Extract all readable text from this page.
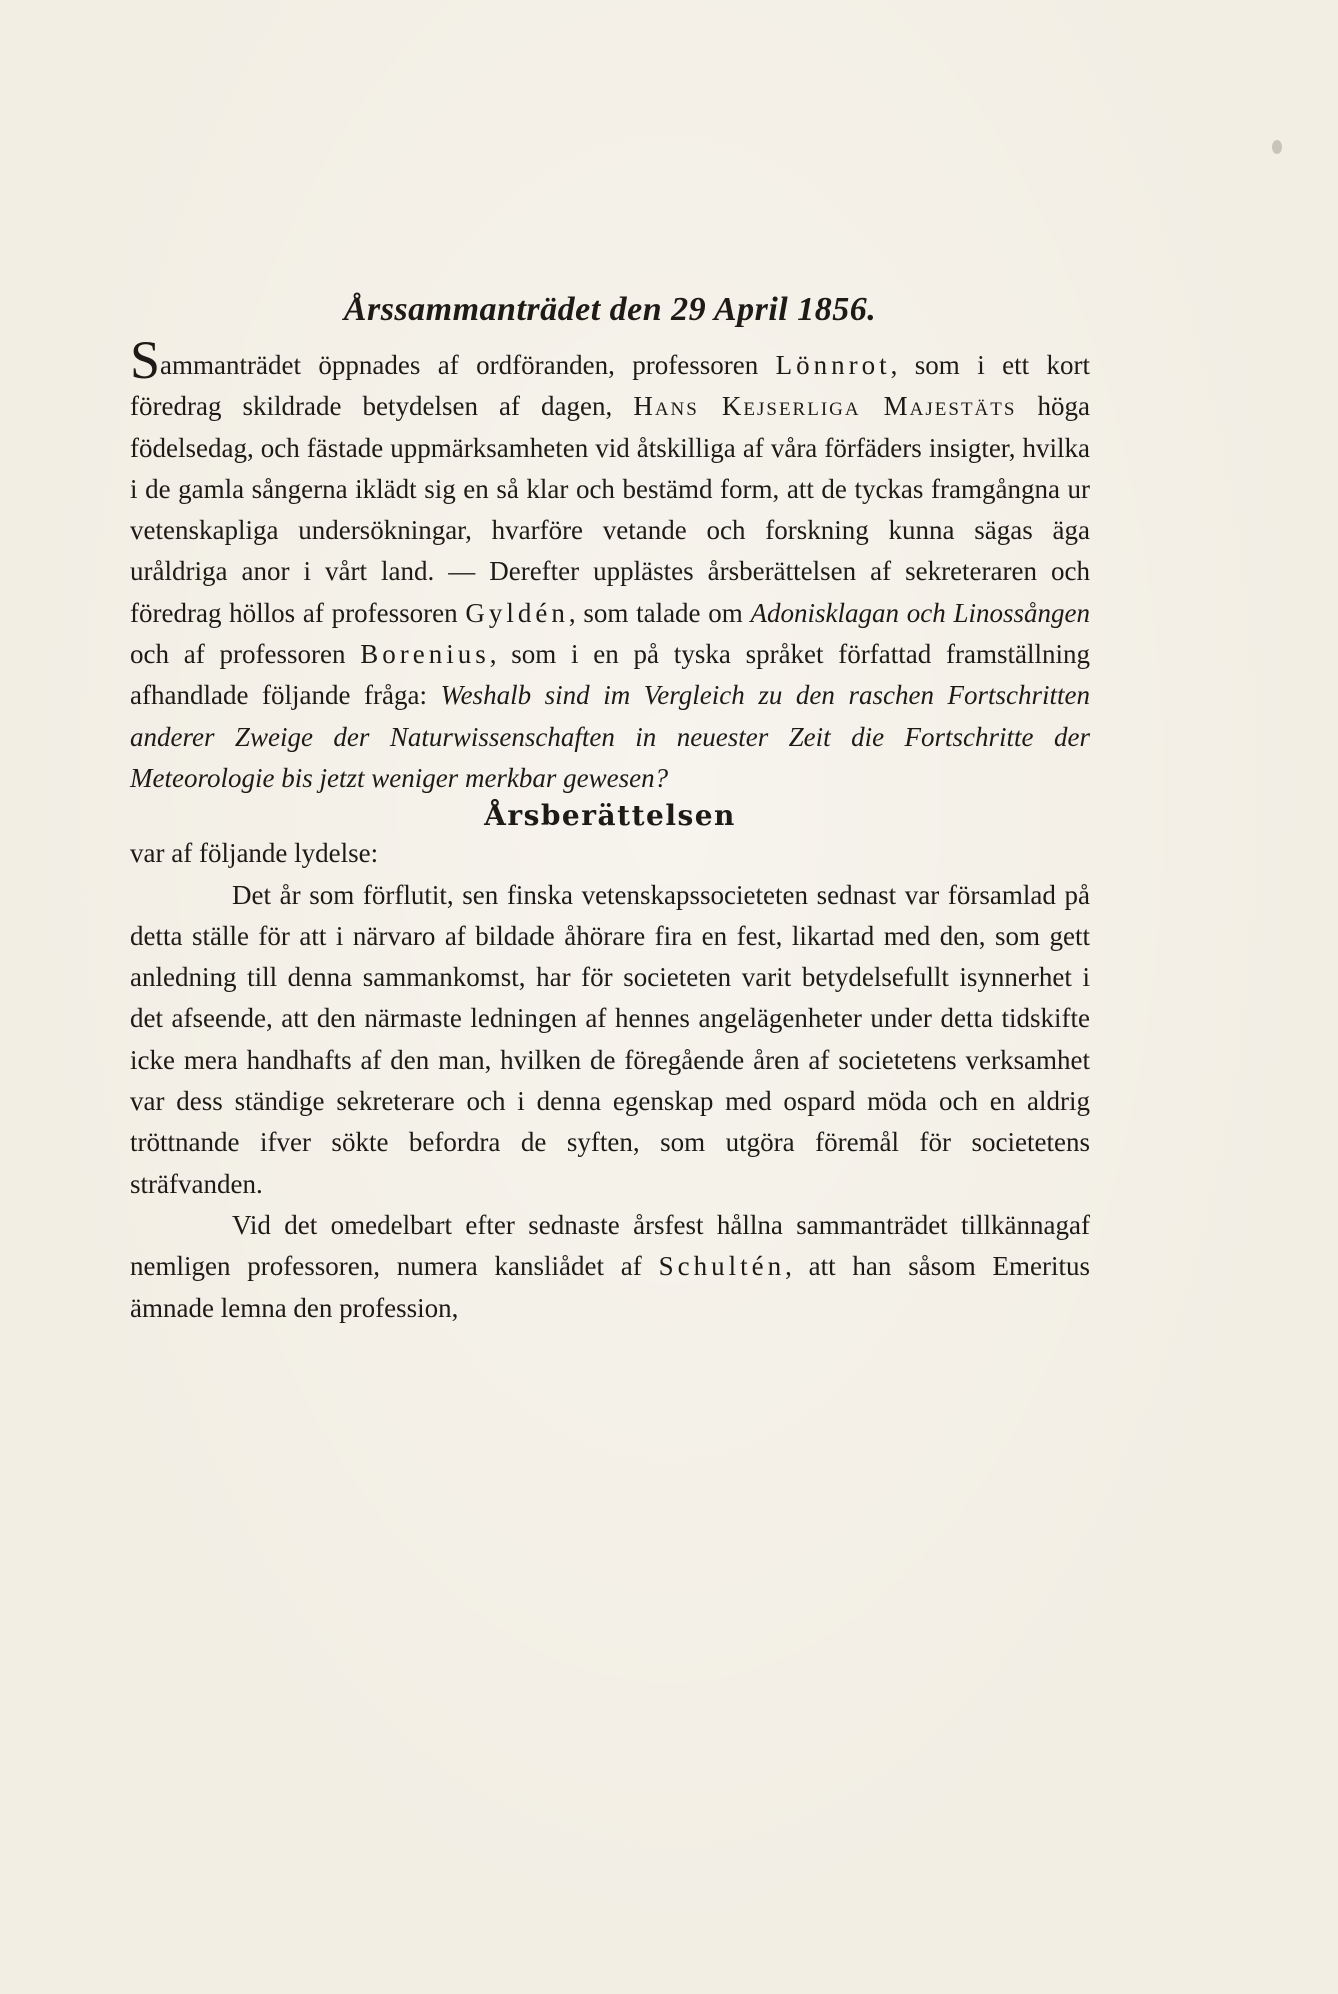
Årssammanträdet den 29 April 1856.

Sammanträdet öppnades af ordföranden, professoren Lönnrot, som i ett kort föredrag skildrade betydelsen af dagen, Hans Kejserliga Majestäts höga födelsedag, och fästade uppmärksamheten vid åtskilliga af våra förfäders insigter, hvilka i de gamla sångerna iklädt sig en så klar och bestämd form, att de tyckas framgångna ur vetenskapliga undersökningar, hvarföre vetande och forskning kunna sägas äga uråldriga anor i vårt land. — Derefter upplästes årsberättelsen af sekreteraren och föredrag höllos af professoren Gyldén, som talade om Adonisklagan och Linossången och af professoren Borenius, som i en på tyska språket författad framställning afhandlade följande fråga: Weshalb sind im Vergleich zu den raschen Fortschritten anderer Zweige der Naturwissenschaften in neuester Zeit die Fortschritte der Meteorologie bis jetzt weniger merkbar gewesen?

Årsberättelsen

var af följande lydelse:

Det år som förflutit, sen finska vetenskapssocieteten sednast var församlad på detta ställe för att i närvaro af bildade åhörare fira en fest, likartad med den, som gett anledning till denna sammankomst, har för societeten varit betydelsefullt isynnerhet i det afseende, att den närmaste ledningen af hennes angelägenheter under detta tidskifte icke mera handhafts af den man, hvilken de föregående åren af societetens verksamhet var dess ständige sekreterare och i denna egenskap med ospard möda och en aldrig tröttnande ifver sökte befordra de syften, som utgöra föremål för societetens sträfvanden.

Vid det omedelbart efter sednaste årsfest hållna sammanträdet tillkännagaf nemligen professoren, numera kansliådet af Schultén, att han såsom Emeritus ämnade lemna den profession,
